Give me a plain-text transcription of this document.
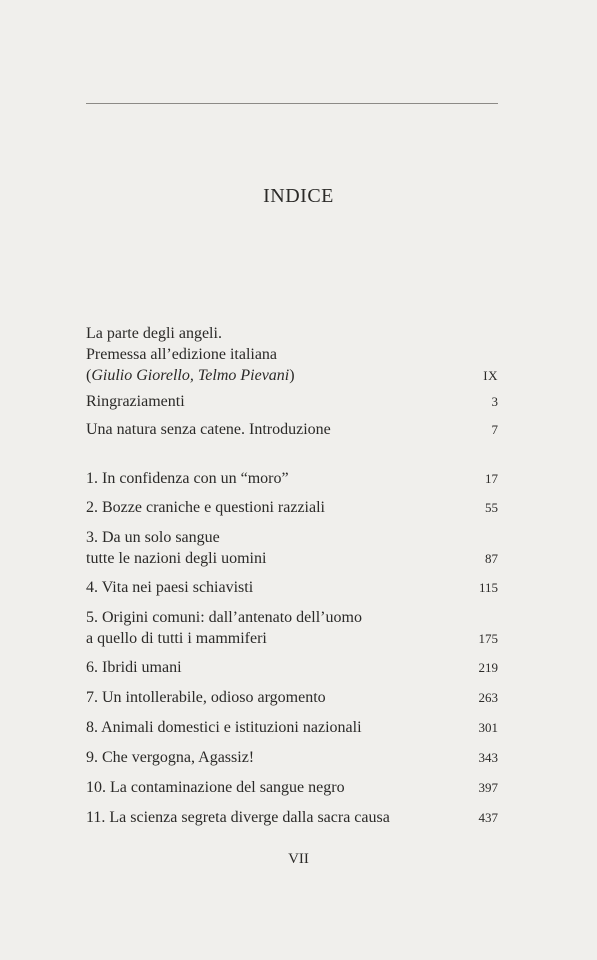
INDICE
La parte degli angeli.
Premessa all’edizione italiana
(Giulio Giorello, Telmo Pievani)	IX
Ringraziamenti	3
Una natura senza catene. Introduzione	7
1. In confidenza con un “moro”	17
2. Bozze craniche e questioni razziali	55
3. Da un solo sangue
tutte le nazioni degli uomini	87
4. Vita nei paesi schiavisti	115
5. Origini comuni: dall’antenato dell’uomo
a quello di tutti i mammiferi	175
6. Ibridi umani	219
7. Un intollerabile, odioso argomento	263
8. Animali domestici e istituzioni nazionali	301
9. Che vergogna, Agassiz!	343
10. La contaminazione del sangue negro	397
11. La scienza segreta diverge dalla sacra causa	437
VII
